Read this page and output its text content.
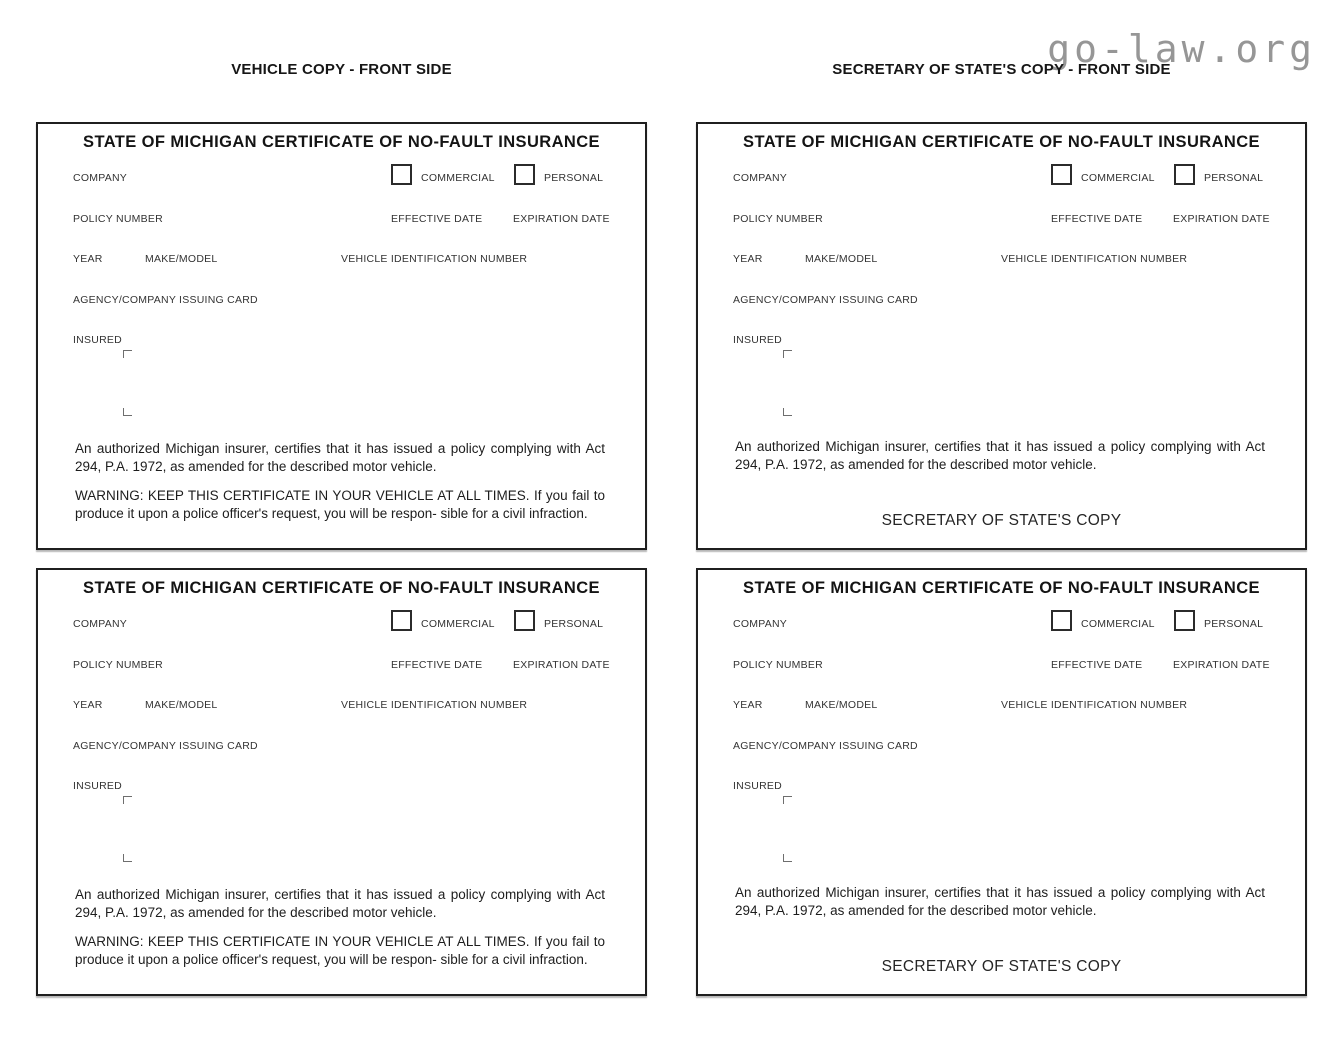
go-law.org
VEHICLE COPY - FRONT SIDE	SECRETARY OF STATE'S COPY - FRONT SIDE
STATE OF MICHIGAN CERTIFICATE OF NO-FAULT INSURANCE
COMPANY	COMMERCIAL	PERSONAL
POLICY NUMBER	EFFECTIVE DATE	EXPIRATION DATE
YEAR	MAKE/MODEL	VEHICLE IDENTIFICATION NUMBER
AGENCY/COMPANY ISSUING CARD
INSURED

An authorized Michigan insurer, certifies that it has issued a policy complying with Act 294, P.A. 1972, as amended for the described motor vehicle.

WARNING: KEEP THIS CERTIFICATE IN YOUR VEHICLE AT ALL TIMES. If you fail to produce it upon a police officer's request, you will be respon- sible for a civil infraction.

STATE OF MICHIGAN CERTIFICATE OF NO-FAULT INSURANCE
COMPANY	COMMERCIAL	PERSONAL
POLICY NUMBER	EFFECTIVE DATE	EXPIRATION DATE
YEAR	MAKE/MODEL	VEHICLE IDENTIFICATION NUMBER
AGENCY/COMPANY ISSUING CARD
INSURED

An authorized Michigan insurer, certifies that it has issued a policy complying with Act 294, P.A. 1972, as amended for the described motor vehicle.

SECRETARY OF STATE'S COPY
STATE OF MICHIGAN CERTIFICATE OF NO-FAULT INSURANCE
COMPANY	COMMERCIAL	PERSONAL
POLICY NUMBER	EFFECTIVE DATE	EXPIRATION DATE
YEAR	MAKE/MODEL	VEHICLE IDENTIFICATION NUMBER
AGENCY/COMPANY ISSUING CARD
INSURED

An authorized Michigan insurer, certifies that it has issued a policy complying with Act 294, P.A. 1972, as amended for the described motor vehicle.

WARNING: KEEP THIS CERTIFICATE IN YOUR VEHICLE AT ALL TIMES. If you fail to produce it upon a police officer's request, you will be respon- sible for a civil infraction.

STATE OF MICHIGAN CERTIFICATE OF NO-FAULT INSURANCE
COMPANY	COMMERCIAL	PERSONAL
POLICY NUMBER	EFFECTIVE DATE	EXPIRATION DATE
YEAR	MAKE/MODEL	VEHICLE IDENTIFICATION NUMBER
AGENCY/COMPANY ISSUING CARD
INSURED

An authorized Michigan insurer, certifies that it has issued a policy complying with Act 294, P.A. 1972, as amended for the described motor vehicle.

SECRETARY OF STATE'S COPY
